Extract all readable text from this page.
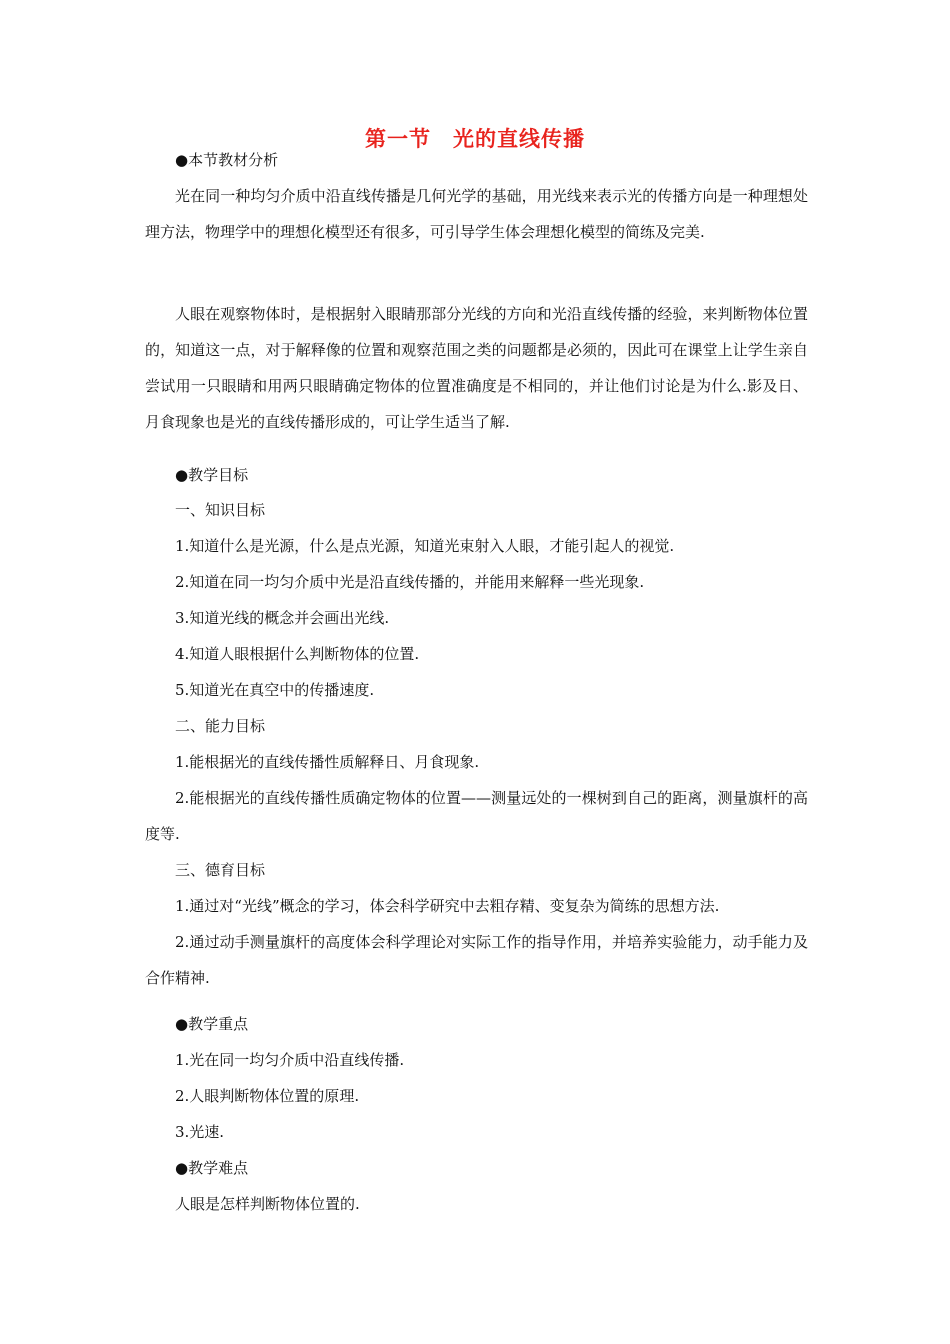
第一节　光的直线传播

●本节教材分析

光在同一种均匀介质中沿直线传播是几何光学的基础，用光线来表示光的传播方向是一种理想处理方法，物理学中的理想化模型还有很多，可引导学生体会理想化模型的简练及完美.

人眼在观察物体时，是根据射入眼睛那部分光线的方向和光沿直线传播的经验，来判断物体位置的，知道这一点，对于解释像的位置和观察范围之类的问题都是必须的，因此可在课堂上让学生亲自尝试用一只眼睛和用两只眼睛确定物体的位置准确度是不相同的，并让他们讨论是为什么.影及日、月食现象也是光的直线传播形成的，可让学生适当了解.

●教学目标

一、知识目标

1.知道什么是光源，什么是点光源，知道光束射入人眼，才能引起人的视觉.

2.知道在同一均匀介质中光是沿直线传播的，并能用来解释一些光现象.

3.知道光线的概念并会画出光线.

4.知道人眼根据什么判断物体的位置.

5.知道光在真空中的传播速度.

二、能力目标

1.能根据光的直线传播性质解释日、月食现象.

2.能根据光的直线传播性质确定物体的位置——测量远处的一棵树到自己的距离，测量旗杆的高度等.

三、德育目标

1.通过对“光线”概念的学习，体会科学研究中去粗存精、变复杂为简练的思想方法.

2.通过动手测量旗杆的高度体会科学理论对实际工作的指导作用，并培养实验能力，动手能力及合作精神.

●教学重点

1.光在同一均匀介质中沿直线传播.

2.人眼判断物体位置的原理.

3.光速.

●教学难点

人眼是怎样判断物体位置的.
